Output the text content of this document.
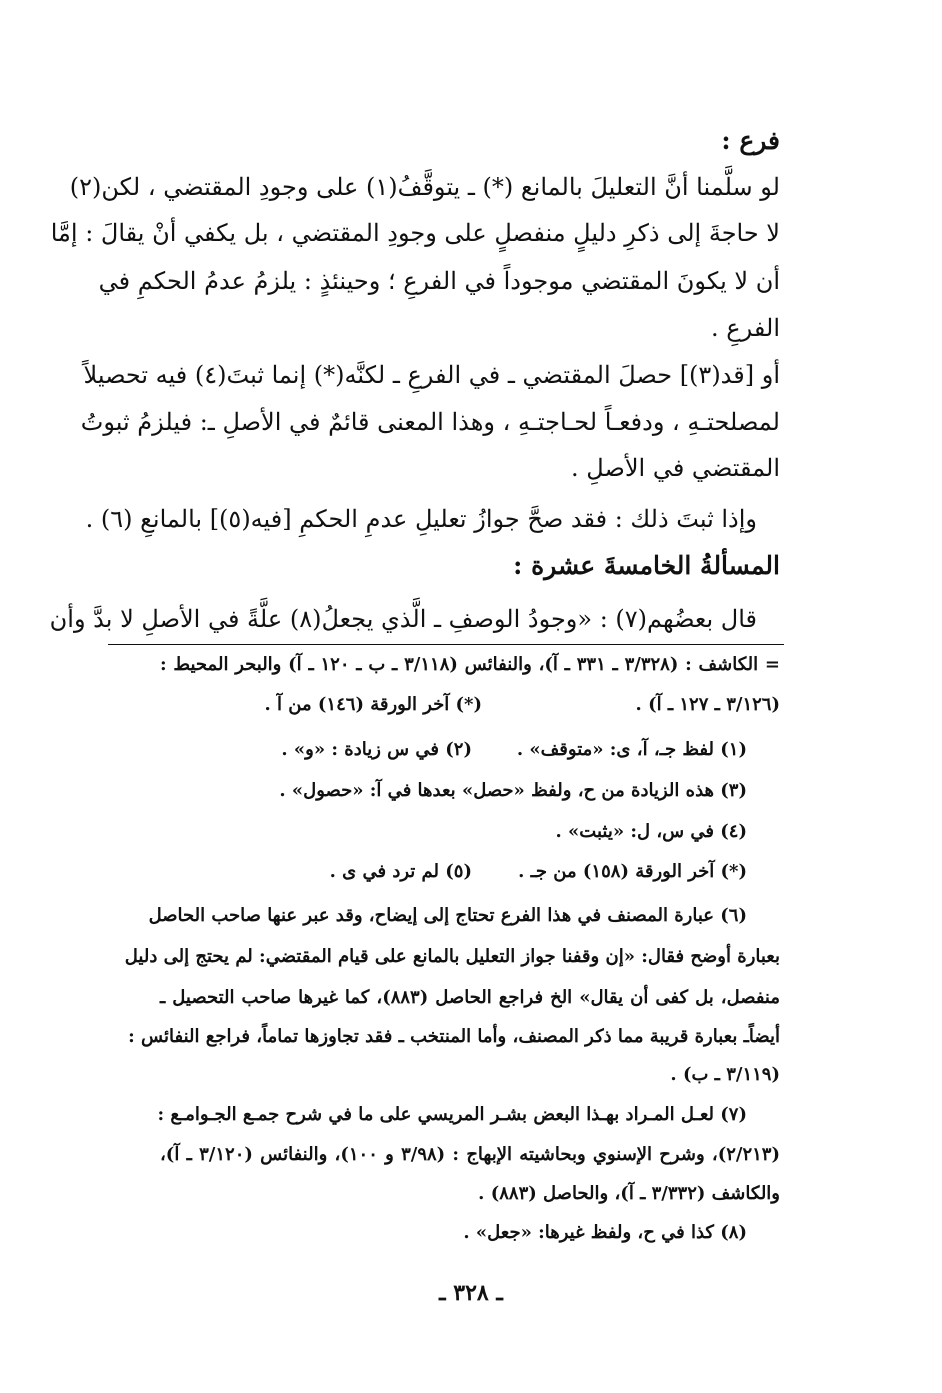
فرع :
لو سلَّمنا أنَّ التعليلَ بالمانع (*) ـ يتوقَّفُ(١) على وجودِ المقتضي ، لكن(٢)
لا حاجةَ إلى ذكرِ دليلٍ منفصلٍ على وجودِ المقتضي ، بل يكفي أنْ يقالَ : إمَّا
أن لا يكونَ المقتضي موجوداً في الفرعِ ؛ وحينئذٍ : يلزمُ عدمُ الحكمِ في
الفرعِ .
أو [قد(٣)] حصلَ المقتضي ـ في الفرعِ ـ لكنَّه(*) إنما ثبتَ(٤) فيه تحصيلاً
لمصلحتـهِ ، ودفعـاً لحـاجتـهِ ، وهذا المعنى قائمٌ في الأصلِ ـ: فيلزمُ ثبوتُ
المقتضي في الأصلِ .
وإذا ثبتَ ذلك : فقد صحَّ جوازُ تعليلِ عدمِ الحكمِ [فيه(٥)] بالمانعِ (٦) .
المسألةُ الخامسةَ عشرة :
قال بعضُهم(٧) : «وجودُ الوصفِ ـ الَّذي يجعلُ(٨) علَّةً في الأصلِ لا بدَّ وأن
= الكاشف : (٣/٣٢٨ ـ ٣٣١ ـ آ)، والنفائس (٣/١١٨ ـ ب ـ ١٢٠ ـ آ) والبحر المحيط :
(٣/١٢٦ ـ ١٢٧ ـ آ) .
(*) آخر الورقة (١٤٦) من آ .
(١) لفظ جـ، آ، ى: «متوقف» .
(٢) في س زيادة : «و» .
(٣) هذه الزيادة من ح، ولفظ «حصل» بعدها في آ: «حصول» .
(٤) في س، ل: «يثبت» .
(*) آخر الورقة (١٥٨) من جـ .
(٥) لم ترد في ى .
(٦) عبارة المصنف في هذا الفرع تحتاج إلى إيضاح، وقد عبر عنها صاحب الحاصل
بعبارة أوضح فقال: «إن وقفنا جواز التعليل بالمانع على قيام المقتضي: لم يحتج إلى دليل
منفصل، بل كفى أن يقال» الخ فراجع الحاصل (٨٨٣)، كما غيرها صاحب التحصيل ـ
أيضاًـ بعبارة قريبة مما ذكر المصنف، وأما المنتخب ـ فقد تجاوزها تماماً، فراجع النفائس :
(٣/١١٩ ـ ب) .
(٧) لعـل المـراد بهـذا البعض بشـر المريسي على ما في شرح جمـع الجـوامـع :
(٢/٢١٣)، وشرح الإسنوي وبحاشيته الإبهاج : (٣/٩٨ و ١٠٠)، والنفائس (٣/١٢٠ ـ آ)،
والكاشف (٣/٣٣٢ ـ آ)، والحاصل (٨٨٣) .
(٨) كذا في ح، ولفظ غيرها: «جعل» .
ـ ٣٢٨ ـ
